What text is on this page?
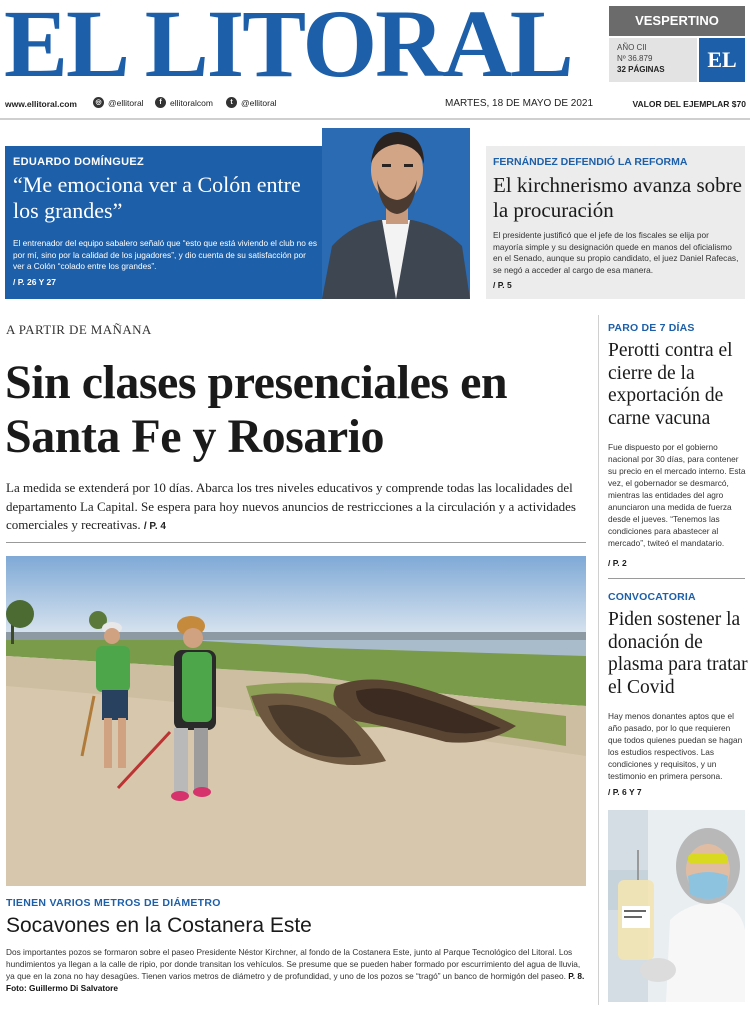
EL LITORAL	VESPERTINO
AÑO CII
Nº 36.879
32 PÁGINAS	EL
www.ellitoral.com	◎ @ellitoral	f ellitoralcom	t @ellitoral	MARTES, 18 DE MAYO DE 2021	VALOR DEL EJEMPLAR $70
EDUARDO DOMÍNGUEZ
“Me emociona ver a Colón entre los grandes”
El entrenador del equipo sabalero señaló que “esto que está viviendo el club no es por mí, sino por la calidad de los jugadores”, y dio cuenta de su satisfacción por ver a Colón “colado entre los grandes”.
/ P. 26 Y 27
FERNÁNDEZ DEFENDIÓ LA REFORMA
El kirchnerismo avanza sobre la procuración
El presidente justificó que el jefe de los fiscales se elija por mayoría simple y su designación quede en manos del oficialismo en el Senado, aunque su propio candidato, el juez Daniel Rafecas, se negó a acceder al cargo de esa manera.
/ P. 5
A PARTIR DE MAÑANA
Sin clases presenciales en Santa Fe y Rosario
La medida se extenderá por 10 días. Abarca los tres niveles educativos y comprende todas las localidades del departamento La Capital. Se espera para hoy nuevos anuncios de restricciones a la circulación y a actividades comerciales y recreativas. / P. 4
TIENEN VARIOS METROS DE DIÁMETRO
Socavones en la Costanera Este
Dos importantes pozos se formaron sobre el paseo Presidente Néstor Kirchner, al fondo de la Costanera Este, junto al Parque Tecnológico del Litoral. Los hundimientos ya llegan a la calle de ripio, por donde transitan los vehículos. Se presume que se pueden haber formado por escurrimiento del agua de lluvia, ya que en la zona no hay desagües. Tienen varios metros de diámetro y de profundidad, y uno de los pozos se “tragó” un banco de hormigón del paseo. P. 8. Foto: Guillermo Di Salvatore
PARO DE 7 DÍAS
Perotti contra el cierre de la exportación de carne vacuna
Fue dispuesto por el gobierno nacional por 30 días, para contener su precio en el mercado interno. Esta vez, el gobernador se desmarcó, mientras las entidades del agro anunciaron una medida de fuerza desde el jueves. “Tenemos las condiciones para abastecer al mercado”, twiteó el mandatario.
/ P. 2
CONVOCATORIA
Piden sostener la donación de plasma para tratar el Covid
Hay menos donantes aptos que el año pasado, por lo que requieren que todos quienes puedan se hagan los estudios respectivos. Las condiciones y requisitos, y un testimonio en primera persona.
/ P. 6 Y 7
